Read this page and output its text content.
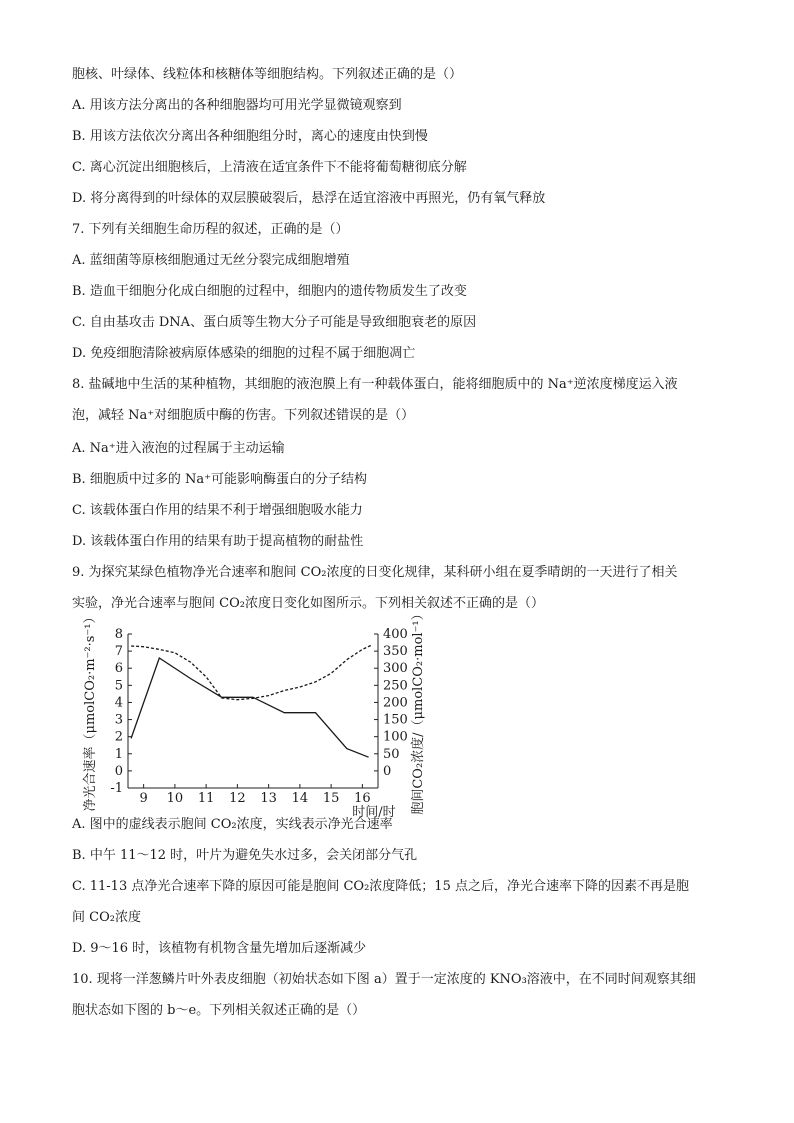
胞核、叶绿体、线粒体和核糖体等细胞结构。下列叙述正确的是（）
A. 用该方法分离出的各种细胞器均可用光学显微镜观察到
B. 用该方法依次分离出各种细胞组分时，离心的速度由快到慢
C. 离心沉淀出细胞核后，上清液在适宜条件下不能将葡萄糖彻底分解
D. 将分离得到的叶绿体的双层膜破裂后，悬浮在适宜溶液中再照光，仍有氧气释放
7. 下列有关细胞生命历程的叙述，正确的是（）
A. 蓝细菌等原核细胞通过无丝分裂完成细胞增殖
B. 造血干细胞分化成白细胞的过程中，细胞内的遗传物质发生了改变
C. 自由基攻击 DNA、蛋白质等生物大分子可能是导致细胞衰老的原因
D. 免疫细胞清除被病原体感染的细胞的过程不属于细胞凋亡
8. 盐碱地中生活的某种植物，其细胞的液泡膜上有一种载体蛋白，能将细胞质中的 Na⁺逆浓度梯度运入液
泡，减轻 Na⁺对细胞质中酶的伤害。下列叙述错误的是（）
A. Na⁺进入液泡的过程属于主动运输
B. 细胞质中过多的 Na⁺可能影响酶蛋白的分子结构
C. 该载体蛋白作用的结果不利于增强细胞吸水能力
D. 该载体蛋白作用的结果有助于提高植物的耐盐性
9. 为探究某绿色植物净光合速率和胞间 CO₂浓度的日变化规律，某科研小组在夏季晴朗的一天进行了相关
实验，净光合速率与胞间 CO₂浓度日变化如图所示。下列相关叙述不正确的是（）
8
7
6
5
4
3
2
1
0
-1
400
350
300
250
200
150
100
50
0
9 10 11 12 13 14 15 16
净光合速率（μmolCO₂·m⁻²·s⁻¹）	胞间CO₂浓度/（μmolCO₂·mol⁻¹）
时间/时
A. 图中的虚线表示胞间 CO₂浓度，实线表示净光合速率
B. 中午 11～12 时，叶片为避免失水过多，会关闭部分气孔
C. 11-13 点净光合速率下降的原因可能是胞间 CO₂浓度降低；15 点之后，净光合速率下降的因素不再是胞
间 CO₂浓度
D. 9～16 时，该植物有机物含量先增加后逐渐减少
10. 现将一洋葱鳞片叶外表皮细胞（初始状态如下图 a）置于一定浓度的 KNO₃溶液中，在不同时间观察其细
胞状态如下图的 b～e。下列相关叙述正确的是（）
